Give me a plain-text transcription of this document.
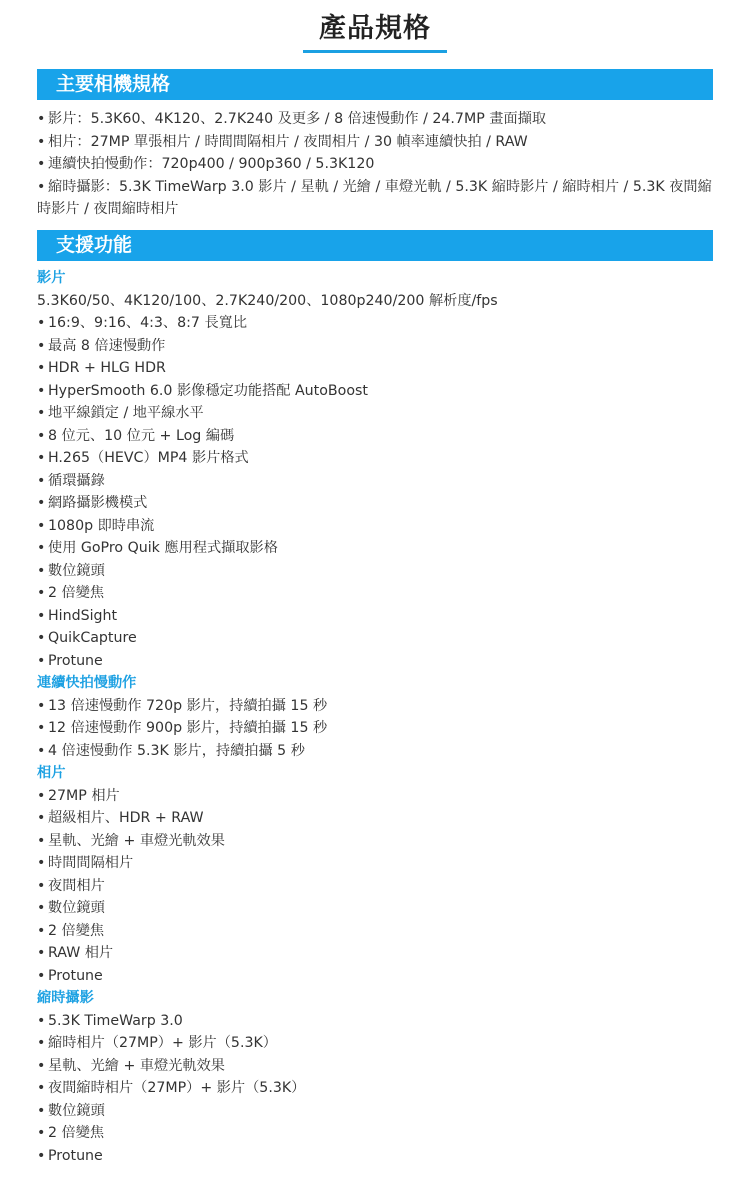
產品規格
主要相機規格
• 影片：5.3K60、4K120、2.7K240 及更多 / 8 倍速慢動作 / 24.7MP 畫面擷取
• 相片：27MP 單張相片 / 時間間隔相片 / 夜間相片 / 30 幀率連續快拍 / RAW
• 連續快拍慢動作：720p400 / 900p360 / 5.3K120
• 縮時攝影：5.3K TimeWarp 3.0 影片 / 星軌 / 光繪 / 車燈光軌 / 5.3K 縮時影片 / 縮時相片 / 5.3K 夜間縮時影片 / 夜間縮時相片
支援功能
影片
5.3K60/50、4K120/100、2.7K240/200、1080p240/200 解析度/fps
• 16:9、9:16、4:3、8:7 長寬比
• 最高 8 倍速慢動作
• HDR + HLG HDR
• HyperSmooth 6.0 影像穩定功能搭配 AutoBoost
• 地平線鎖定 / 地平線水平
• 8 位元、10 位元 + Log 編碼
• H.265（HEVC）MP4 影片格式
• 循環攝錄
• 網路攝影機模式
• 1080p 即時串流
• 使用 GoPro Quik 應用程式擷取影格
• 數位鏡頭
• 2 倍變焦
• HindSight
• QuikCapture
• Protune
連續快拍慢動作
• 13 倍速慢動作 720p 影片，持續拍攝 15 秒
• 12 倍速慢動作 900p 影片，持續拍攝 15 秒
• 4 倍速慢動作 5.3K 影片，持續拍攝 5 秒
相片
• 27MP 相片
• 超級相片、HDR + RAW
• 星軌、光繪 + 車燈光軌效果
• 時間間隔相片
• 夜間相片
• 數位鏡頭
• 2 倍變焦
• RAW 相片
• Protune
縮時攝影
• 5.3K TimeWarp 3.0
• 縮時相片（27MP）+ 影片（5.3K）
• 星軌、光繪 + 車燈光軌效果
• 夜間縮時相片（27MP）+ 影片（5.3K）
• 數位鏡頭
• 2 倍變焦
• Protune
